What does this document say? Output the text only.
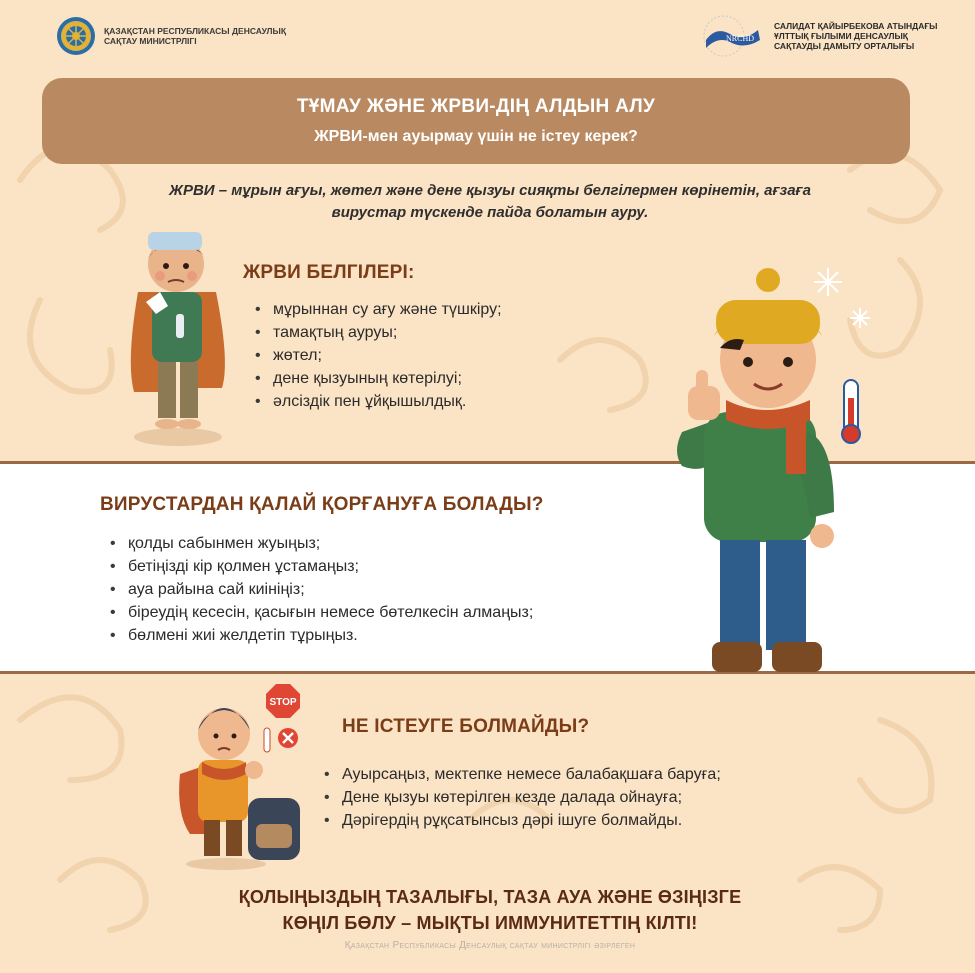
ҚАЗАҚСТАН РЕСПУБЛИКАСЫ ДЕНСАУЛЫҚ САҚТАУ МИНИСТРЛІГІ	NRCHD
САЛИДАТ ҚАЙЫРБЕКОВА АТЫНДАҒЫ ҰЛТТЫҚ ҒЫЛЫМИ ДЕНСАУЛЫҚ САҚТАУДЫ ДАМЫТУ ОРТАЛЫҒЫ
ТҰМАУ ЖӘНЕ ЖРВИ-ДІҢ АЛДЫН АЛУ
ЖРВИ-мен ауырмау үшін не істеу керек?
ЖРВИ – мұрын ағуы, жөтел және дене қызуы сияқты белгілермен көрінетін, ағзаға вирустар түскенде пайда болатын ауру.
ЖРВИ БЕЛГІЛЕРІ:
• мұрыннан су ағу және түшкіру;
• тамақтың ауруы;
• жөтел;
• дене қызуының көтерілуі;
• әлсіздік пен ұйқышылдық.
ВИРУСТАРДАН ҚАЛАЙ ҚОРҒАНУҒА БОЛАДЫ?
• қолды сабынмен жуыңыз;
• бетіңізді кір қолмен ұстамаңыз;
• ауа райына сай киініңіз;
• біреудің кесесін, қасығын немесе бөтелкесін алмаңыз;
• бөлмені жиі желдетіп тұрыңыз.
STOP
НЕ ІСТЕУГЕ БОЛМАЙДЫ?
• Ауырсаңыз, мектепке немесе балабақшаға баруға;
• Дене қызуы көтерілген кезде далада ойнауға;
• Дәрігердің рұқсатынсыз дәрі ішуге болмайды.
ҚОЛЫҢЫЗДЫҢ ТАЗАЛЫҒЫ, ТАЗА АУА ЖӘНЕ ӨЗІҢІЗГЕ
КӨҢІЛ БӨЛУ – МЫҚТЫ ИММУНИТЕТТІҢ КІЛТІ!
Қазақстан Республикасы Денсаулық сақтау министрлігі әзірлеген
